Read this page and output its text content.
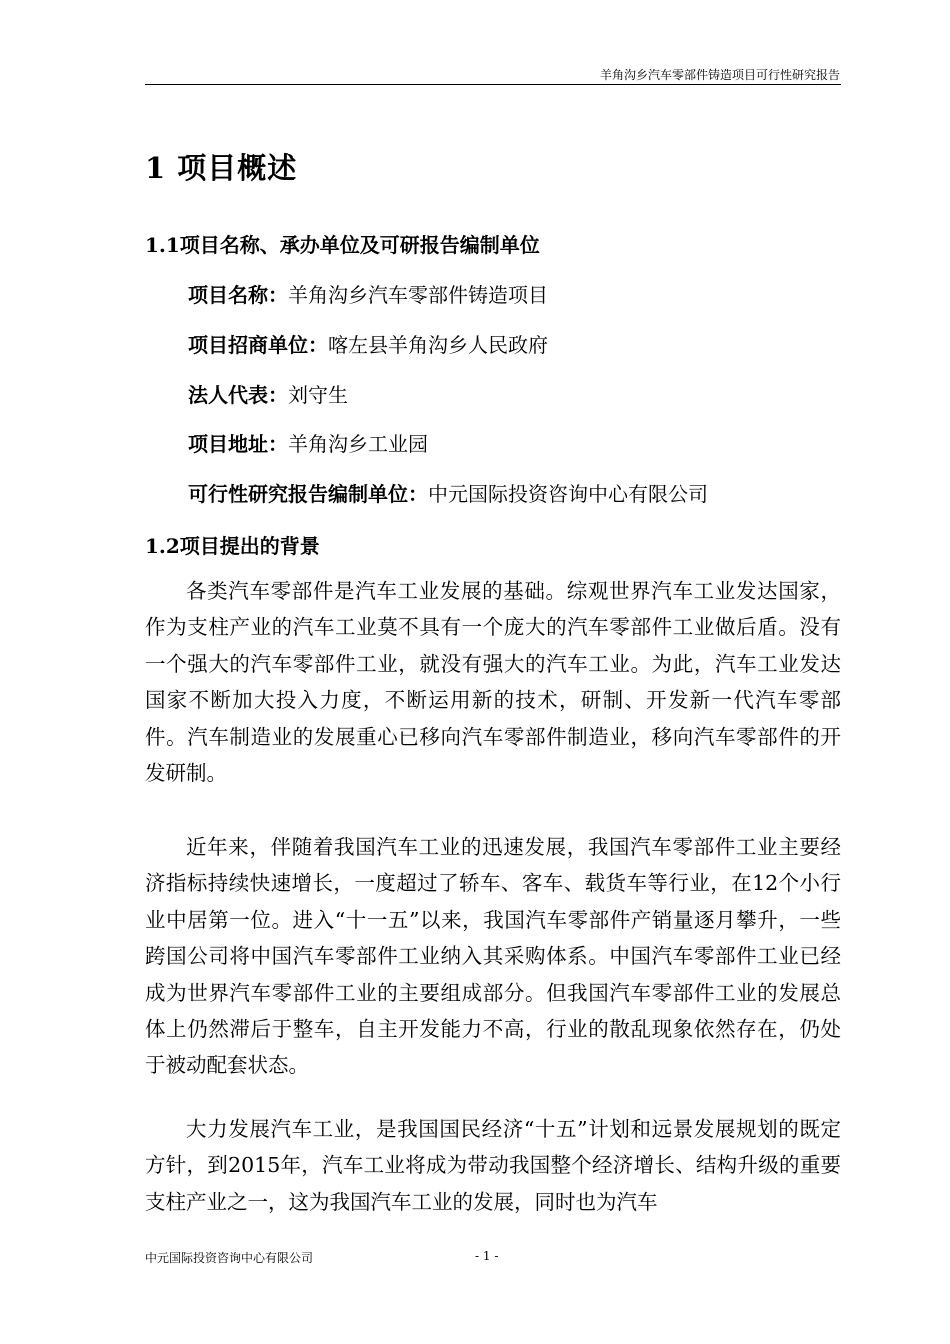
羊角沟乡汽车零部件铸造项目可行性研究报告
1 项目概述
1.1项目名称、承办单位及可研报告编制单位
项目名称：羊角沟乡汽车零部件铸造项目
项目招商单位：喀左县羊角沟乡人民政府
法人代表：刘守生
项目地址：羊角沟乡工业园
可行性研究报告编制单位：中元国际投资咨询中心有限公司
1.2项目提出的背景

各类汽车零部件是汽车工业发展的基础。综观世界汽车工业发达国家，作为支柱产业的汽车工业莫不具有一个庞大的汽车零部件工业做后盾。没有一个强大的汽车零部件工业，就没有强大的汽车工业。为此，汽车工业发达国家不断加大投入力度，不断运用新的技术，研制、开发新一代汽车零部件。汽车制造业的发展重心已移向汽车零部件制造业，移向汽车零部件的开发研制。

近年来，伴随着我国汽车工业的迅速发展，我国汽车零部件工业主要经济指标持续快速增长，一度超过了轿车、客车、载货车等行业，在12个小行业中居第一位。进入“十一五”以来，我国汽车零部件产销量逐月攀升，一些跨国公司将中国汽车零部件工业纳入其采购体系。中国汽车零部件工业已经成为世界汽车零部件工业的主要组成部分。但我国汽车零部件工业的发展总体上仍然滞后于整车，自主开发能力不高，行业的散乱现象依然存在，仍处于被动配套状态。

大力发展汽车工业，是我国国民经济“十五”计划和远景发展规划的既定方针，到2015年，汽车工业将成为带动我国整个经济增长、结构升级的重要支柱产业之一，这为我国汽车工业的发展，同时也为汽车

中元国际投资咨询中心有限公司	- 1 -
